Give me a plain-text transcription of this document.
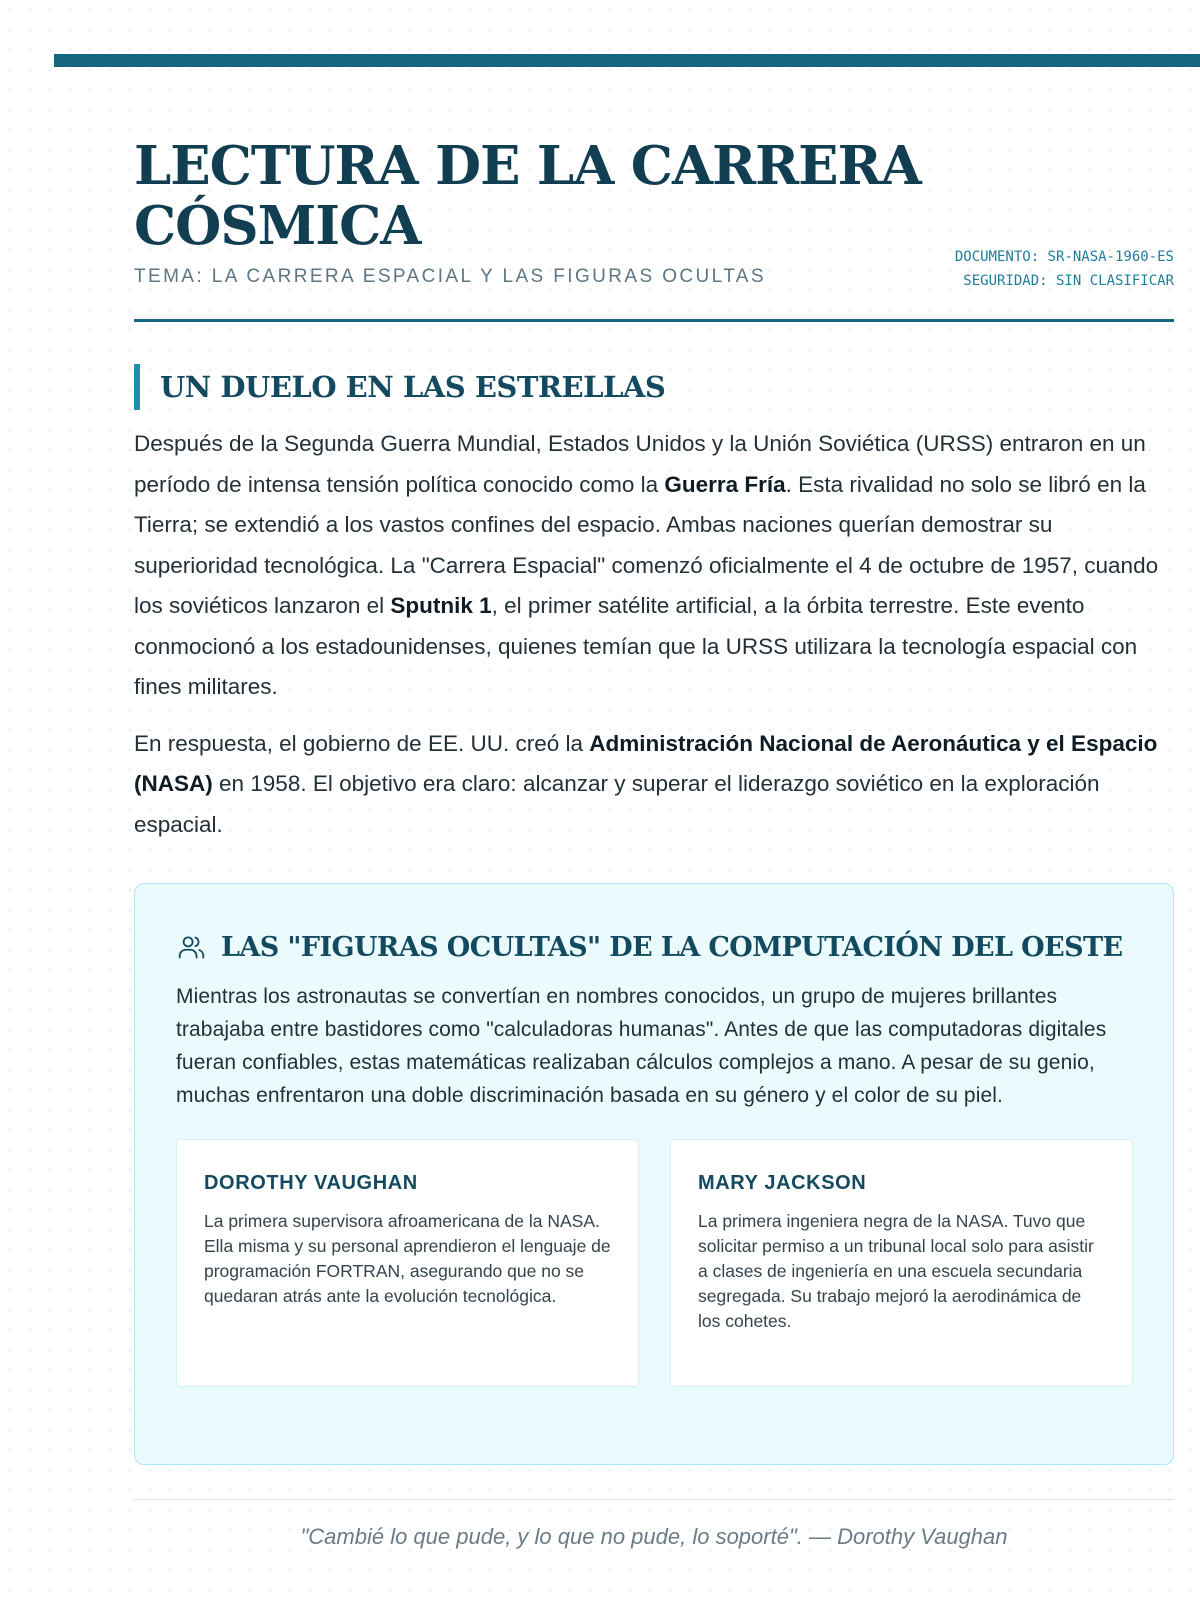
LECTURA DE LA CARRERA
CÓSMICA
TEMA: LA CARRERA ESPACIAL Y LAS FIGURAS OCULTAS
DOCUMENTO: SR-NASA-1960-ES
SEGURIDAD: SIN CLASIFICAR
UN DUELO EN LAS ESTRELLAS

Después de la Segunda Guerra Mundial, Estados Unidos y la Unión Soviética (URSS) entraron en un período de intensa tensión política conocido como la Guerra Fría. Esta rivalidad no solo se libró en la Tierra; se extendió a los vastos confines del espacio. Ambas naciones querían demostrar su superioridad tecnológica. La "Carrera Espacial" comenzó oficialmente el 4 de octubre de 1957, cuando los soviéticos lanzaron el Sputnik 1, el primer satélite artificial, a la órbita terrestre. Este evento conmocionó a los estadounidenses, quienes temían que la URSS utilizara la tecnología espacial con fines militares.

En respuesta, el gobierno de EE. UU. creó la Administración Nacional de Aeronáutica y el Espacio (NASA) en 1958. El objetivo era claro: alcanzar y superar el liderazgo soviético en la exploración espacial.

LAS "FIGURAS OCULTAS" DE LA COMPUTACIÓN DEL OESTE

Mientras los astronautas se convertían en nombres conocidos, un grupo de mujeres brillantes trabajaba entre bastidores como "calculadoras humanas". Antes de que las computadoras digitales fueran confiables, estas matemáticas realizaban cálculos complejos a mano. A pesar de su genio, muchas enfrentaron una doble discriminación basada en su género y el color de su piel.

DOROTHY VAUGHAN

La primera supervisora afroamericana de la NASA. Ella misma y su personal aprendieron el lenguaje de programación FORTRAN, asegurando que no se quedaran atrás ante la evolución tecnológica.

MARY JACKSON

La primera ingeniera negra de la NASA. Tuvo que solicitar permiso a un tribunal local solo para asistir a clases de ingeniería en una escuela secundaria segregada. Su trabajo mejoró la aerodinámica de los cohetes.

"Cambié lo que pude, y lo que no pude, lo soporté". — Dorothy Vaughan
